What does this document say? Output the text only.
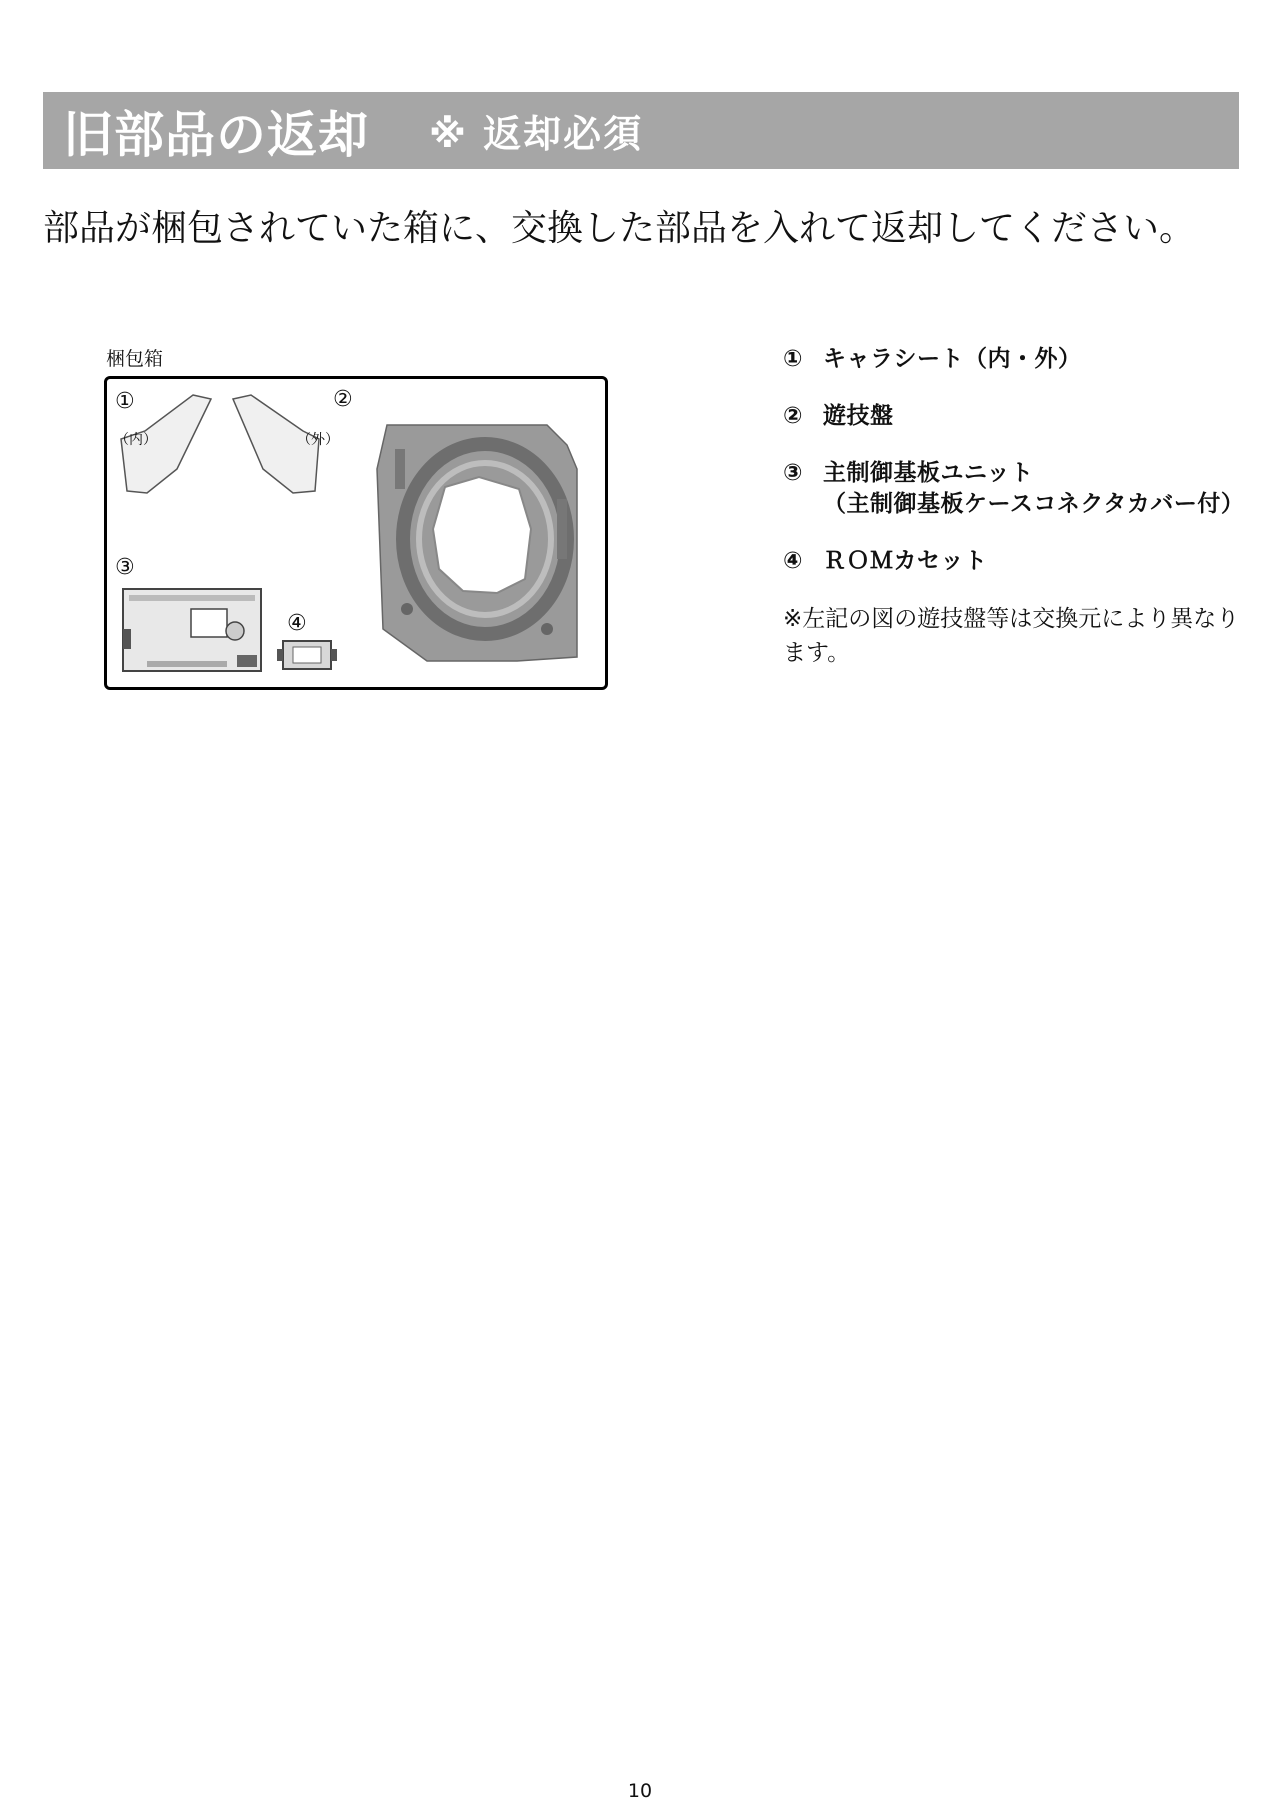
旧部品の返却 ※ 返却必須
部品が梱包されていた箱に、交換した部品を入れて返却してください。
梱包箱
①	②
③
④
（内）	（外）
① キャラシート（内・外）
② 遊技盤
③ 主制御基板ユニット
（主制御基板ケースコネクタカバー付）
④ ＲＯＭカセット
※左記の図の遊技盤等は交換元により異なります。
10
